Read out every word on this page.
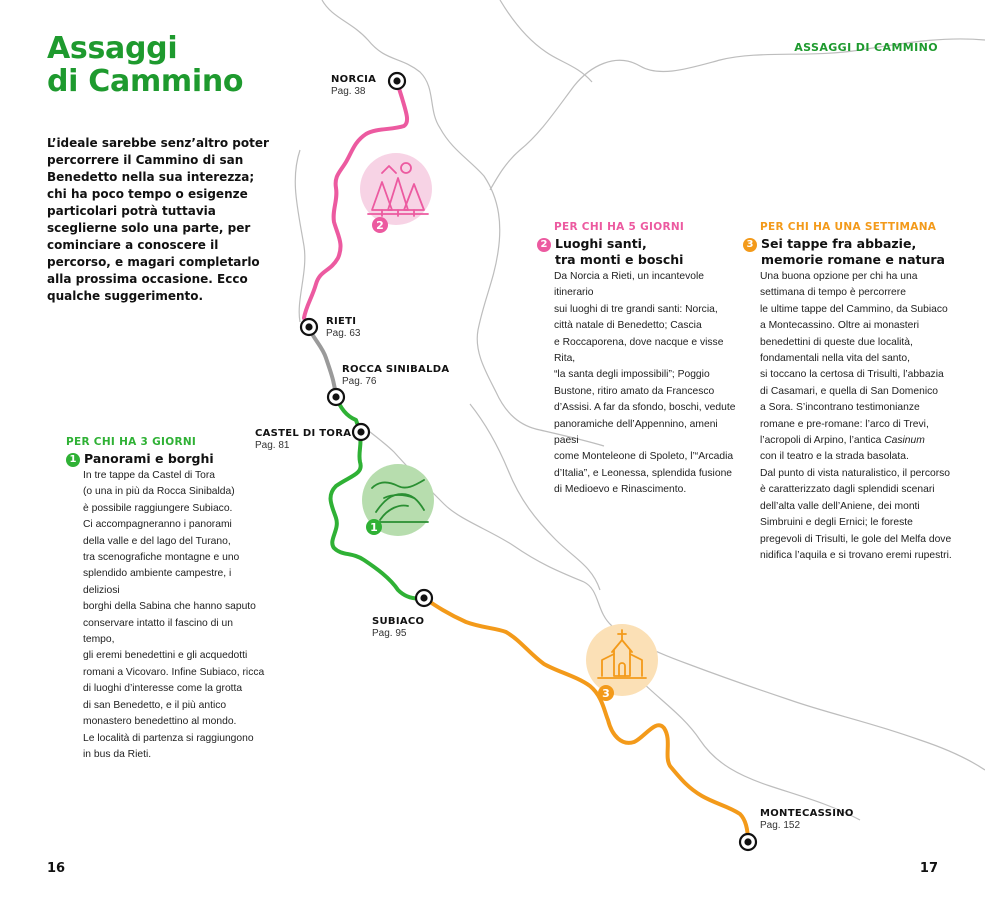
2
1
3
Assaggi
di Cammino
ASSAGGI DI CAMMINO

L’ideale sarebbe senz’altro poter percorrere il Cammino di san Benedetto nella sua interezza; chi ha poco tempo o esigenze particolari potrà tuttavia sceglierne solo una parte, per cominciare a conoscere il percorso, e magari completarlo alla prossima occasione. Ecco qualche suggerimento.

NORCIA
Pag. 38
RIETI
Pag. 63
ROCCA SINIBALDA
Pag. 76
CASTEL DI TORA
Pag. 81
SUBIACO
Pag. 95
MONTECASSINO
Pag. 152
PER CHI HA 3 GIORNI
1 Panorami e borghi
In tre tappe da Castel di Tora
(o una in più da Rocca Sinibalda)
è possibile raggiungere Subiaco.
Ci accompagneranno i panorami
della valle e del lago del Turano,
tra scenografiche montagne e uno
splendido ambiente campestre, i deliziosi
borghi della Sabina che hanno saputo
conservare intatto il fascino di un tempo,
gli eremi benedettini e gli acquedotti
romani a Vicovaro. Infine Subiaco, ricca
di luoghi d’interesse come la grotta
di san Benedetto, e il più antico
monastero benedettino al mondo.
Le località di partenza si raggiungono
in bus da Rieti.
PER CHI HA 5 GIORNI
2 Luoghi santi,
tra monti e boschi
Da Norcia a Rieti, un incantevole itinerario
sui luoghi di tre grandi santi: Norcia,
città natale di Benedetto; Cascia
e Roccaporena, dove nacque e visse Rita,
“la santa degli impossibili”; Poggio
Bustone, ritiro amato da Francesco
d’Assisi. A far da sfondo, boschi, vedute
panoramiche dell’Appennino, ameni paesi
come Monteleone di Spoleto, l’“Arcadia
d’Italia”, e Leonessa, splendida fusione
di Medioevo e Rinascimento.
PER CHI HA UNA SETTIMANA
3 Sei tappe fra abbazie,
memorie romane e natura
Una buona opzione per chi ha una
settimana di tempo è percorrere
le ultime tappe del Cammino, da Subiaco
a Montecassino. Oltre ai monasteri
benedettini di queste due località,
fondamentali nella vita del santo,
si toccano la certosa di Trisulti, l’abbazia
di Casamari, e quella di San Domenico
a Sora. S’incontrano testimonianze
romane e pre-romane: l’arco di Trevi,
l’acropoli di Arpino, l’antica Casinum
con il teatro e la strada basolata.
Dal punto di vista naturalistico, il percorso
è caratterizzato dagli splendidi scenari
dell’alta valle dell’Aniene, dei monti
Simbruini e degli Ernici; le foreste
pregevoli di Trisulti, le gole del Melfa dove
nidifica l’aquila e si trovano eremi rupestri.
16	17
